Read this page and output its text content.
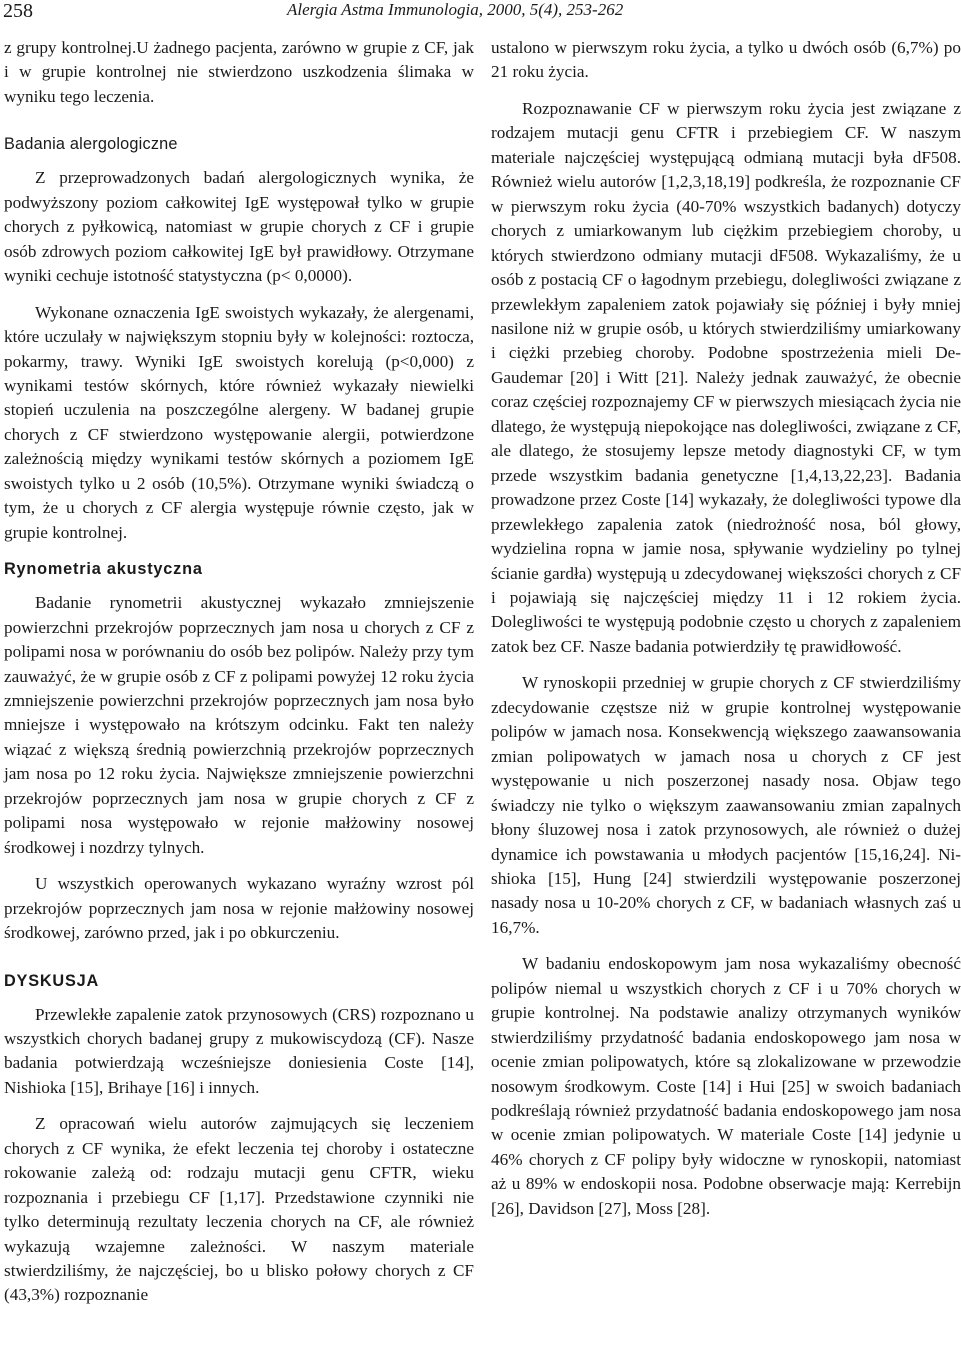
258	Alergia Astma Immunologia, 2000, 5(4), 253-262

z grupy kontrolnej.U żadnego pacjenta, zarówno w grupie z CF, jak i w grupie kontrolnej nie stwierdzono uszkodzenia ślimaka w wyniku tego leczenia.

Badania alergologiczne

Z przeprowadzonych badań alergologicznych wynika, że podwyższony poziom całkowitej IgE występował tylko w grupie chorych z pyłkowicą, natomiast w grupie chorych z CF i grupie osób zdrowych poziom całkowitej IgE był prawidłowy. Otrzymane wyniki cechuje istotność statystyczna (p< 0,0000).

Wykonane oznaczenia IgE swoistych wykazały, że alergenami, które uczulały w największym stopniu były w kolejności: roztocza, pokarmy, trawy. Wyniki IgE swoistych korelują (p<0,000) z wynikami testów skórnych, które również wykazały niewielki stopień uczulenia na poszczególne alergeny. W badanej grupie chorych z CF stwierdzono występowanie alergii, potwierdzone zależnością między wynikami testów skórnych a poziomem IgE swoistych tylko u 2 osób (10,5%). Otrzymane wyniki świadczą o tym, że u chorych z CF alergia występuje równie często, jak w grupie kontrolnej.

Rynometria akustyczna

Badanie rynometrii akustycznej wykazało zmniejszenie powierzchni przekrojów poprzecznych jam nosa u chorych z CF z polipami nosa w porównaniu do osób bez polipów. Należy przy tym zauważyć, że w grupie osób z CF z polipami powyżej 12 roku życia zmniejszenie powierzchni przekrojów poprzecznych jam nosa było mniejsze i występowało na krótszym odcinku. Fakt ten należy wiązać z większą średnią powierzchnią przekrojów poprzecznych jam nosa po 12 roku życia. Największe zmniejszenie powierzchni przekrojów poprzecznych jam nosa w grupie chorych z CF z polipami nosa występowało w rejonie małżowiny nosowej środkowej i nozdrzy tylnych.

U wszystkich operowanych wykazano wyraźny wzrost pól przekrojów poprzecznych jam nosa w rejonie małżowiny nosowej środkowej, zarówno przed, jak i po obkurczeniu.

DYSKUSJA

Przewlekłe zapalenie zatok przynosowych (CRS) rozpoznano u wszystkich chorych badanej grupy z mukowiscydozą (CF). Nasze badania potwierdzają wcześniejsze doniesienia Coste [14], Nishioka [15], Brihaye [16] i innych.

Z opracowań wielu autorów zajmujących się leczeniem chorych z CF wynika, że efekt leczenia tej choroby i ostateczne rokowanie zależą od: rodzaju mutacji genu CFTR, wieku rozpoznania i przebiegu CF [1,17]. Przedstawione czynniki nie tylko determinują rezultaty leczenia chorych na CF, ale również wykazują wzajemne zależności. W naszym materiale stwierdziliśmy, że najczęściej, bo u blisko połowy chorych z CF (43,3%) rozpoznanie

ustalono w pierwszym roku życia, a tylko u dwóch osób (6,7%) po 21 roku życia.

Rozpoznawanie CF w pierwszym roku życia jest związane z rodzajem mutacji genu CFTR i przebiegiem CF. W naszym materiale najczęściej występującą odmianą mutacji była dF508. Również wielu autorów [1,2,3,18,19] podkreśla, że rozpoznanie CF w pierwszym roku życia (40-70% wszystkich badanych) dotyczy chorych z umiarkowanym lub ciężkim przebiegiem choroby, u których stwierdzono odmiany mutacji dF508. Wykazaliśmy, że u osób z postacią CF o łagodnym przebiegu, dolegliwości związane z przewlekłym zapaleniem zatok pojawiały się później i były mniej nasilone niż w grupie osób, u których stwierdziliśmy umiarkowany i ciężki przebieg choroby. Podobne spostrzeżenia mieli De-Gaudemar [20] i Witt [21]. Należy jednak zauważyć, że obecnie coraz częściej rozpoznajemy CF w pierwszych miesiącach życia nie dlatego, że występują niepokojące nas dolegliwości, związane z CF, ale dlatego, że stosujemy lepsze metody diagnostyki CF, w tym przede wszystkim badania genetyczne [1,4,13,22,23]. Badania prowadzone przez Coste [14] wykazały, że dolegliwości typowe dla przewlekłego zapalenia zatok (niedrożność nosa, ból głowy, wydzielina ropna w jamie nosa, spływanie wydzieliny po tylnej ścianie gardła) występują u zdecydowanej większości chorych z CF i pojawiają się najczęściej między 11 i 12 rokiem życia. Dolegliwości te występują podobnie często u chorych z zapaleniem zatok bez CF. Nasze badania potwierdziły tę prawidłowość.

W rynoskopii przedniej w grupie chorych z CF stwierdziliśmy zdecydowanie częstsze niż w grupie kontrolnej występowanie polipów w jamach nosa. Konsekwencją większego zaawansowania zmian polipowatych w jamach nosa u chorych z CF jest występowanie u nich poszerzonej nasady nosa. Objaw tego świadczy nie tylko o większym zaawansowaniu zmian zapalnych błony śluzowej nosa i zatok przynosowych, ale również o dużej dynamice ich powstawania u młodych pacjentów [15,16,24]. Nishioka [15], Hung [24] stwierdzili występowanie poszerzonej nasady nosa u 10-20% chorych z CF, w badaniach własnych zaś u 16,7%.

W badaniu endoskopowym jam nosa wykazaliśmy obecność polipów niemal u wszystkich chorych z CF i u 70% chorych w grupie kontrolnej. Na podstawie analizy otrzymanych wyników stwierdziliśmy przydatność badania endoskopowego jam nosa w ocenie zmian polipowatych, które są zlokalizowane w przewodzie nosowym środkowym. Coste [14] i Hui [25] w swoich badaniach podkreślają również przydatność badania endoskopowego jam nosa w ocenie zmian polipowatych. W materiale Coste [14] jedynie u 46% chorych z CF polipy były widoczne w rynoskopii, natomiast aż u 89% w endoskopii nosa. Podobne obserwacje mają: Kerrebijn [26], Davidson [27], Moss [28].
